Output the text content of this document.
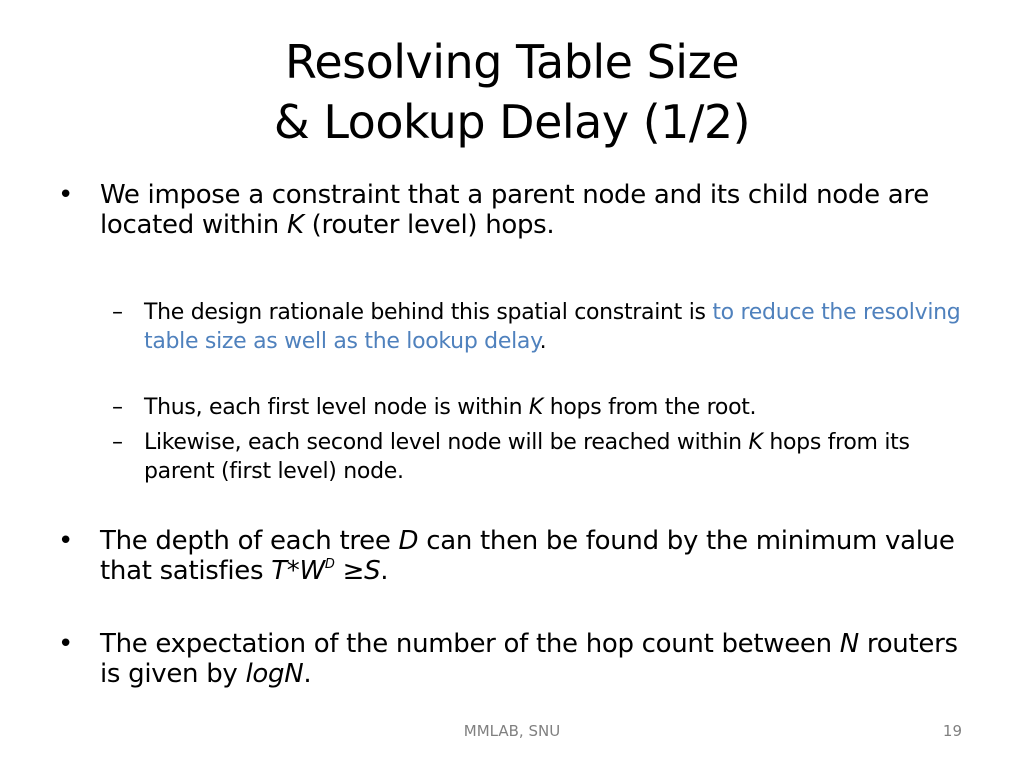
Resolving Table Size
& Lookup Delay (1/2)
• We impose a constraint that a parent node and its child node are located within K (router level) hops.
– The design rationale behind this spatial constraint is to reduce the resolving table size as well as the lookup delay.
– Thus, each first level node is within K hops from the root.
– Likewise, each second level node will be reached within K hops from its parent (first level) node.
• The depth of each tree D can then be found by the minimum value that satisfies $T*W^D \ge S$.
• The expectation of the number of the hop count between N routers is given by logN.
MMLAB, SNU	19
